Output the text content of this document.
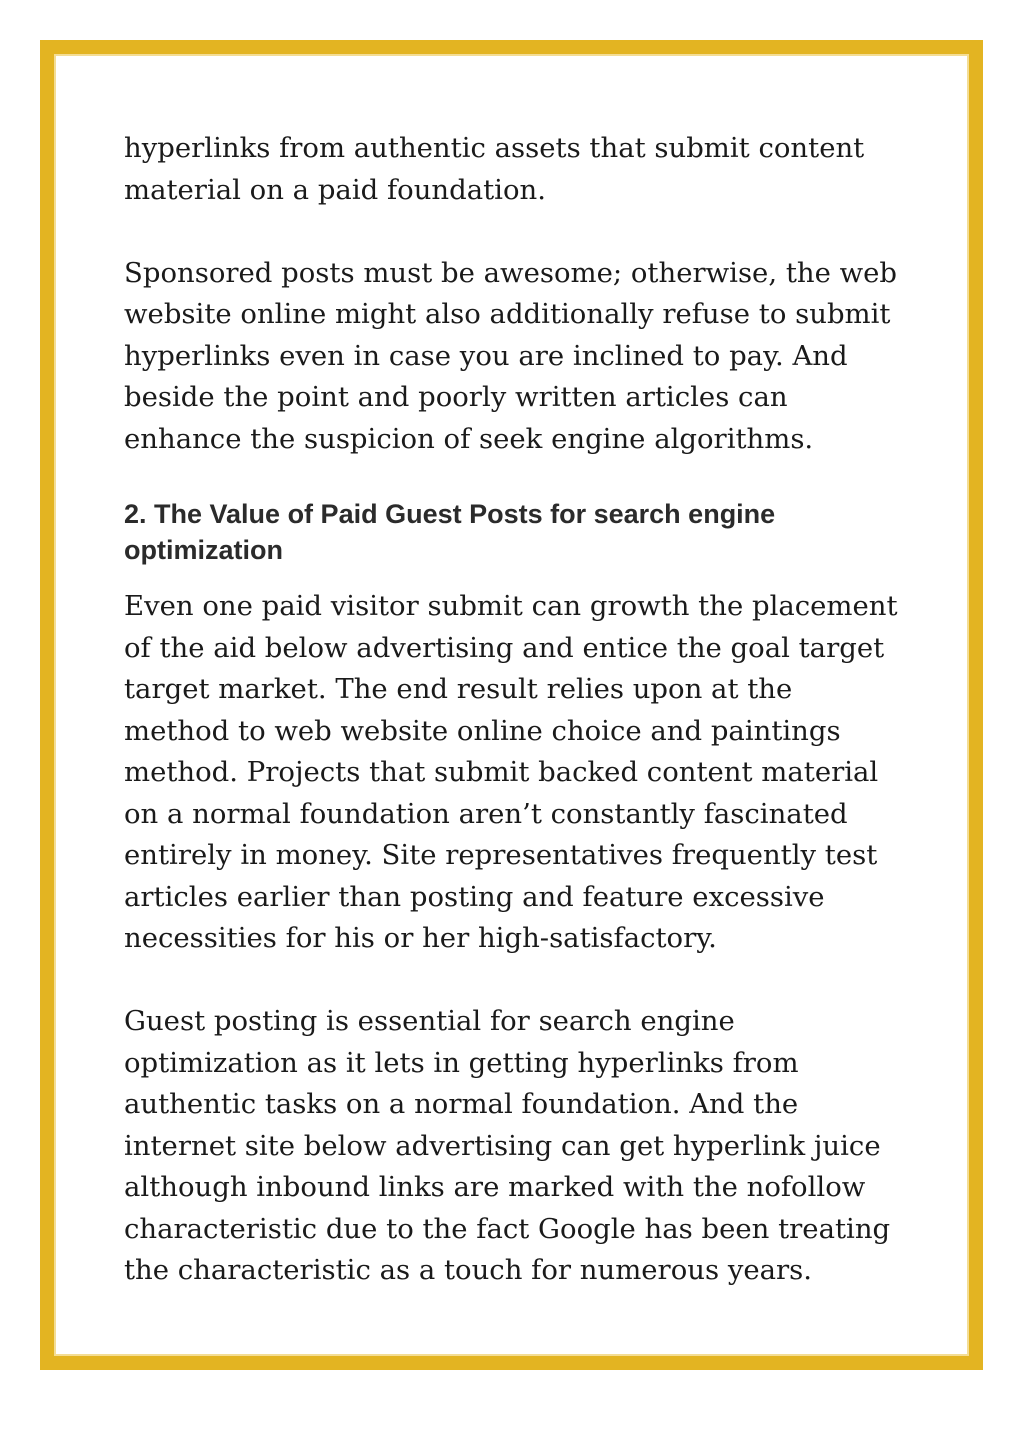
hyperlinks from authentic assets that submit content material on a paid foundation.

Sponsored posts must be awesome; otherwise, the web website online might also additionally refuse to submit hyperlinks even in case you are inclined to pay. And beside the point and poorly written articles can enhance the suspicion of seek engine algorithms.

2. The Value of Paid Guest Posts for search engine optimization

Even one paid visitor submit can growth the placement of the aid below advertising and entice the goal target target market. The end result relies upon at the method to web website online choice and paintings method. Projects that submit backed content material on a normal foundation aren’t constantly fascinated entirely in money. Site representatives frequently test articles earlier than posting and feature excessive necessities for his or her high-satisfactory.

Guest posting is essential for search engine optimization as it lets in getting hyperlinks from authentic tasks on a normal foundation. And the internet site below advertising can get hyperlink juice although inbound links are marked with the nofollow characteristic due to the fact Google has been treating the characteristic as a touch for numerous years.
